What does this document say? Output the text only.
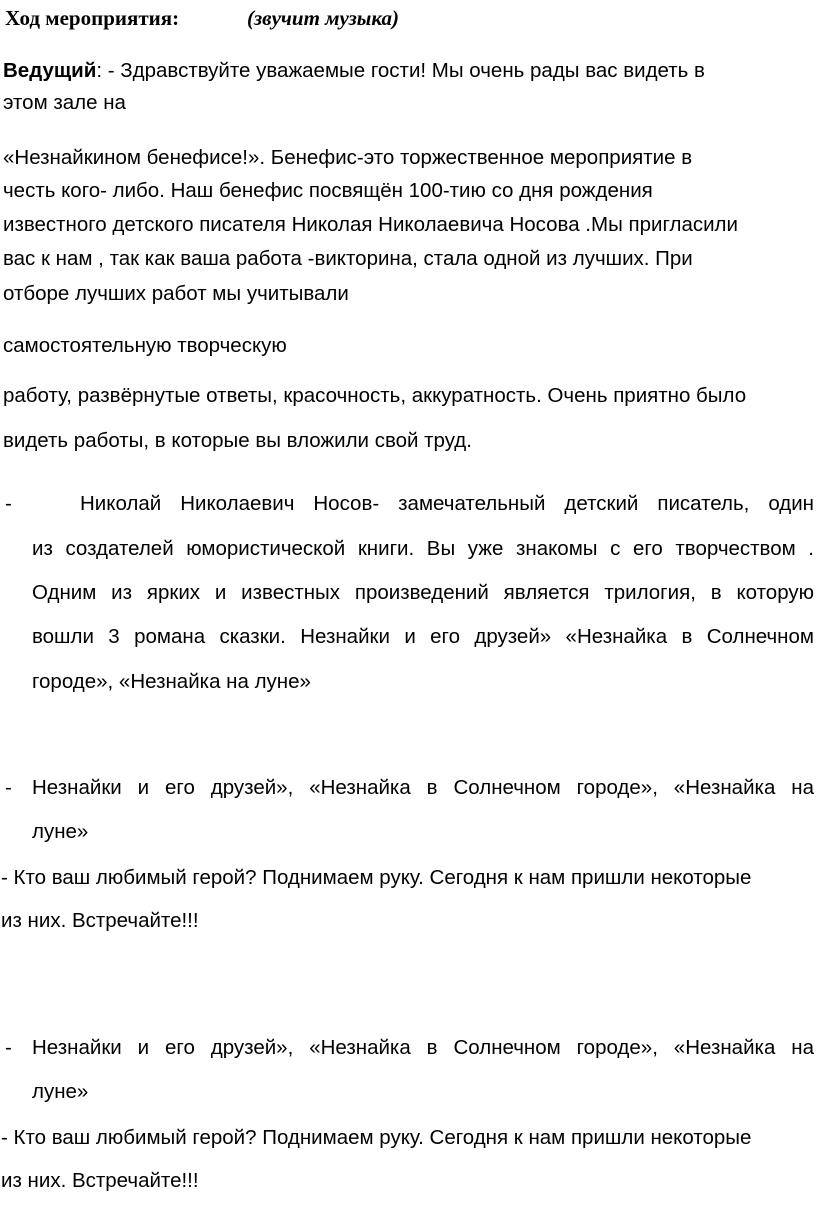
Ход мероприятия:	(звучит музыка)
Ведущий: - Здравствуйте уважаемые гости! Мы очень рады вас видеть в
этом зале на
«Незнайкином бенефисе!». Бенефис-это торжественное мероприятие в
честь кого- либо. Наш бенефис посвящён 100-тию со дня рождения
известного детского писателя Николая Николаевича Носова .Мы пригласили
вас к нам , так как ваша работа -викторина, стала одной из лучших. При
отборе лучших работ мы учитывали
самостоятельную творческую
работу, развёрнутые ответы, красочность, аккуратность. Очень приятно было
видеть работы, в которые вы вложили свой труд.
-	Николай Николаевич Носов- замечательный детский писатель, один
из создателей юмористической книги. Вы уже знакомы с его творчеством .
Одним из ярких и известных произведений является трилогия, в которую
вошли 3 романа сказки. Незнайки и его друзей» «Незнайка в Солнечном
городе», «Незнайка на луне»
- Незнайки и его друзей», «Незнайка в Солнечном городе», «Незнайка на
луне»
- Кто ваш любимый герой? Поднимаем руку. Сегодня к нам пришли некоторые
из них. Встречайте!!!
- Незнайки и его друзей», «Незнайка в Солнечном городе», «Незнайка на
луне»
- Кто ваш любимый герой? Поднимаем руку. Сегодня к нам пришли некоторые
из них. Встречайте!!!
